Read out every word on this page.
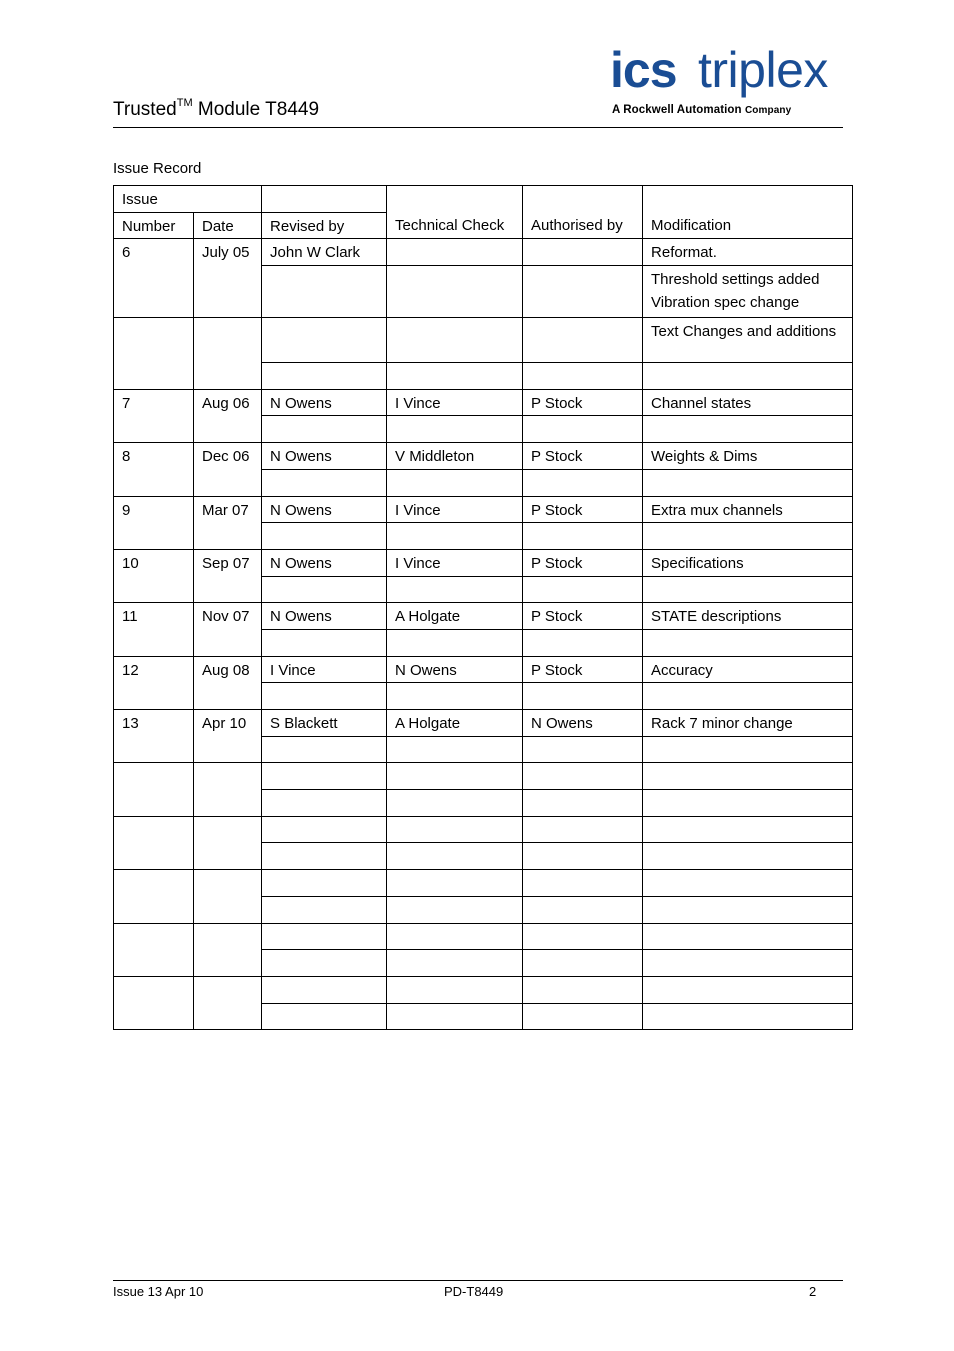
Trusted™ Module T8449
ics triplex
A Rockwell Automation Company
Issue Record
Issue			Technical Check	Authorised by	Modification

Number	Date	Revised by			

6	July 05	John W Clark			Reformat.

					Threshold settings added
Vibration spec change

					Text Changes and additions

7	Aug 06	N Owens	I Vince	P Stock	Channel states

8	Dec 06	N Owens	V Middleton	P Stock	Weights & Dims

9	Mar 07	N Owens	I Vince	P Stock	Extra mux channels

10	Sep 07	N Owens	I Vince	P Stock	Specifications

11	Nov 07	N Owens	A Holgate	P Stock	STATE descriptions

12	Aug 08	I Vince	N Owens	P Stock	Accuracy

13	Apr 10	S Blackett	A Holgate	N Owens	Rack 7 minor change

Issue 13 Apr 10	PD-T8449	2
